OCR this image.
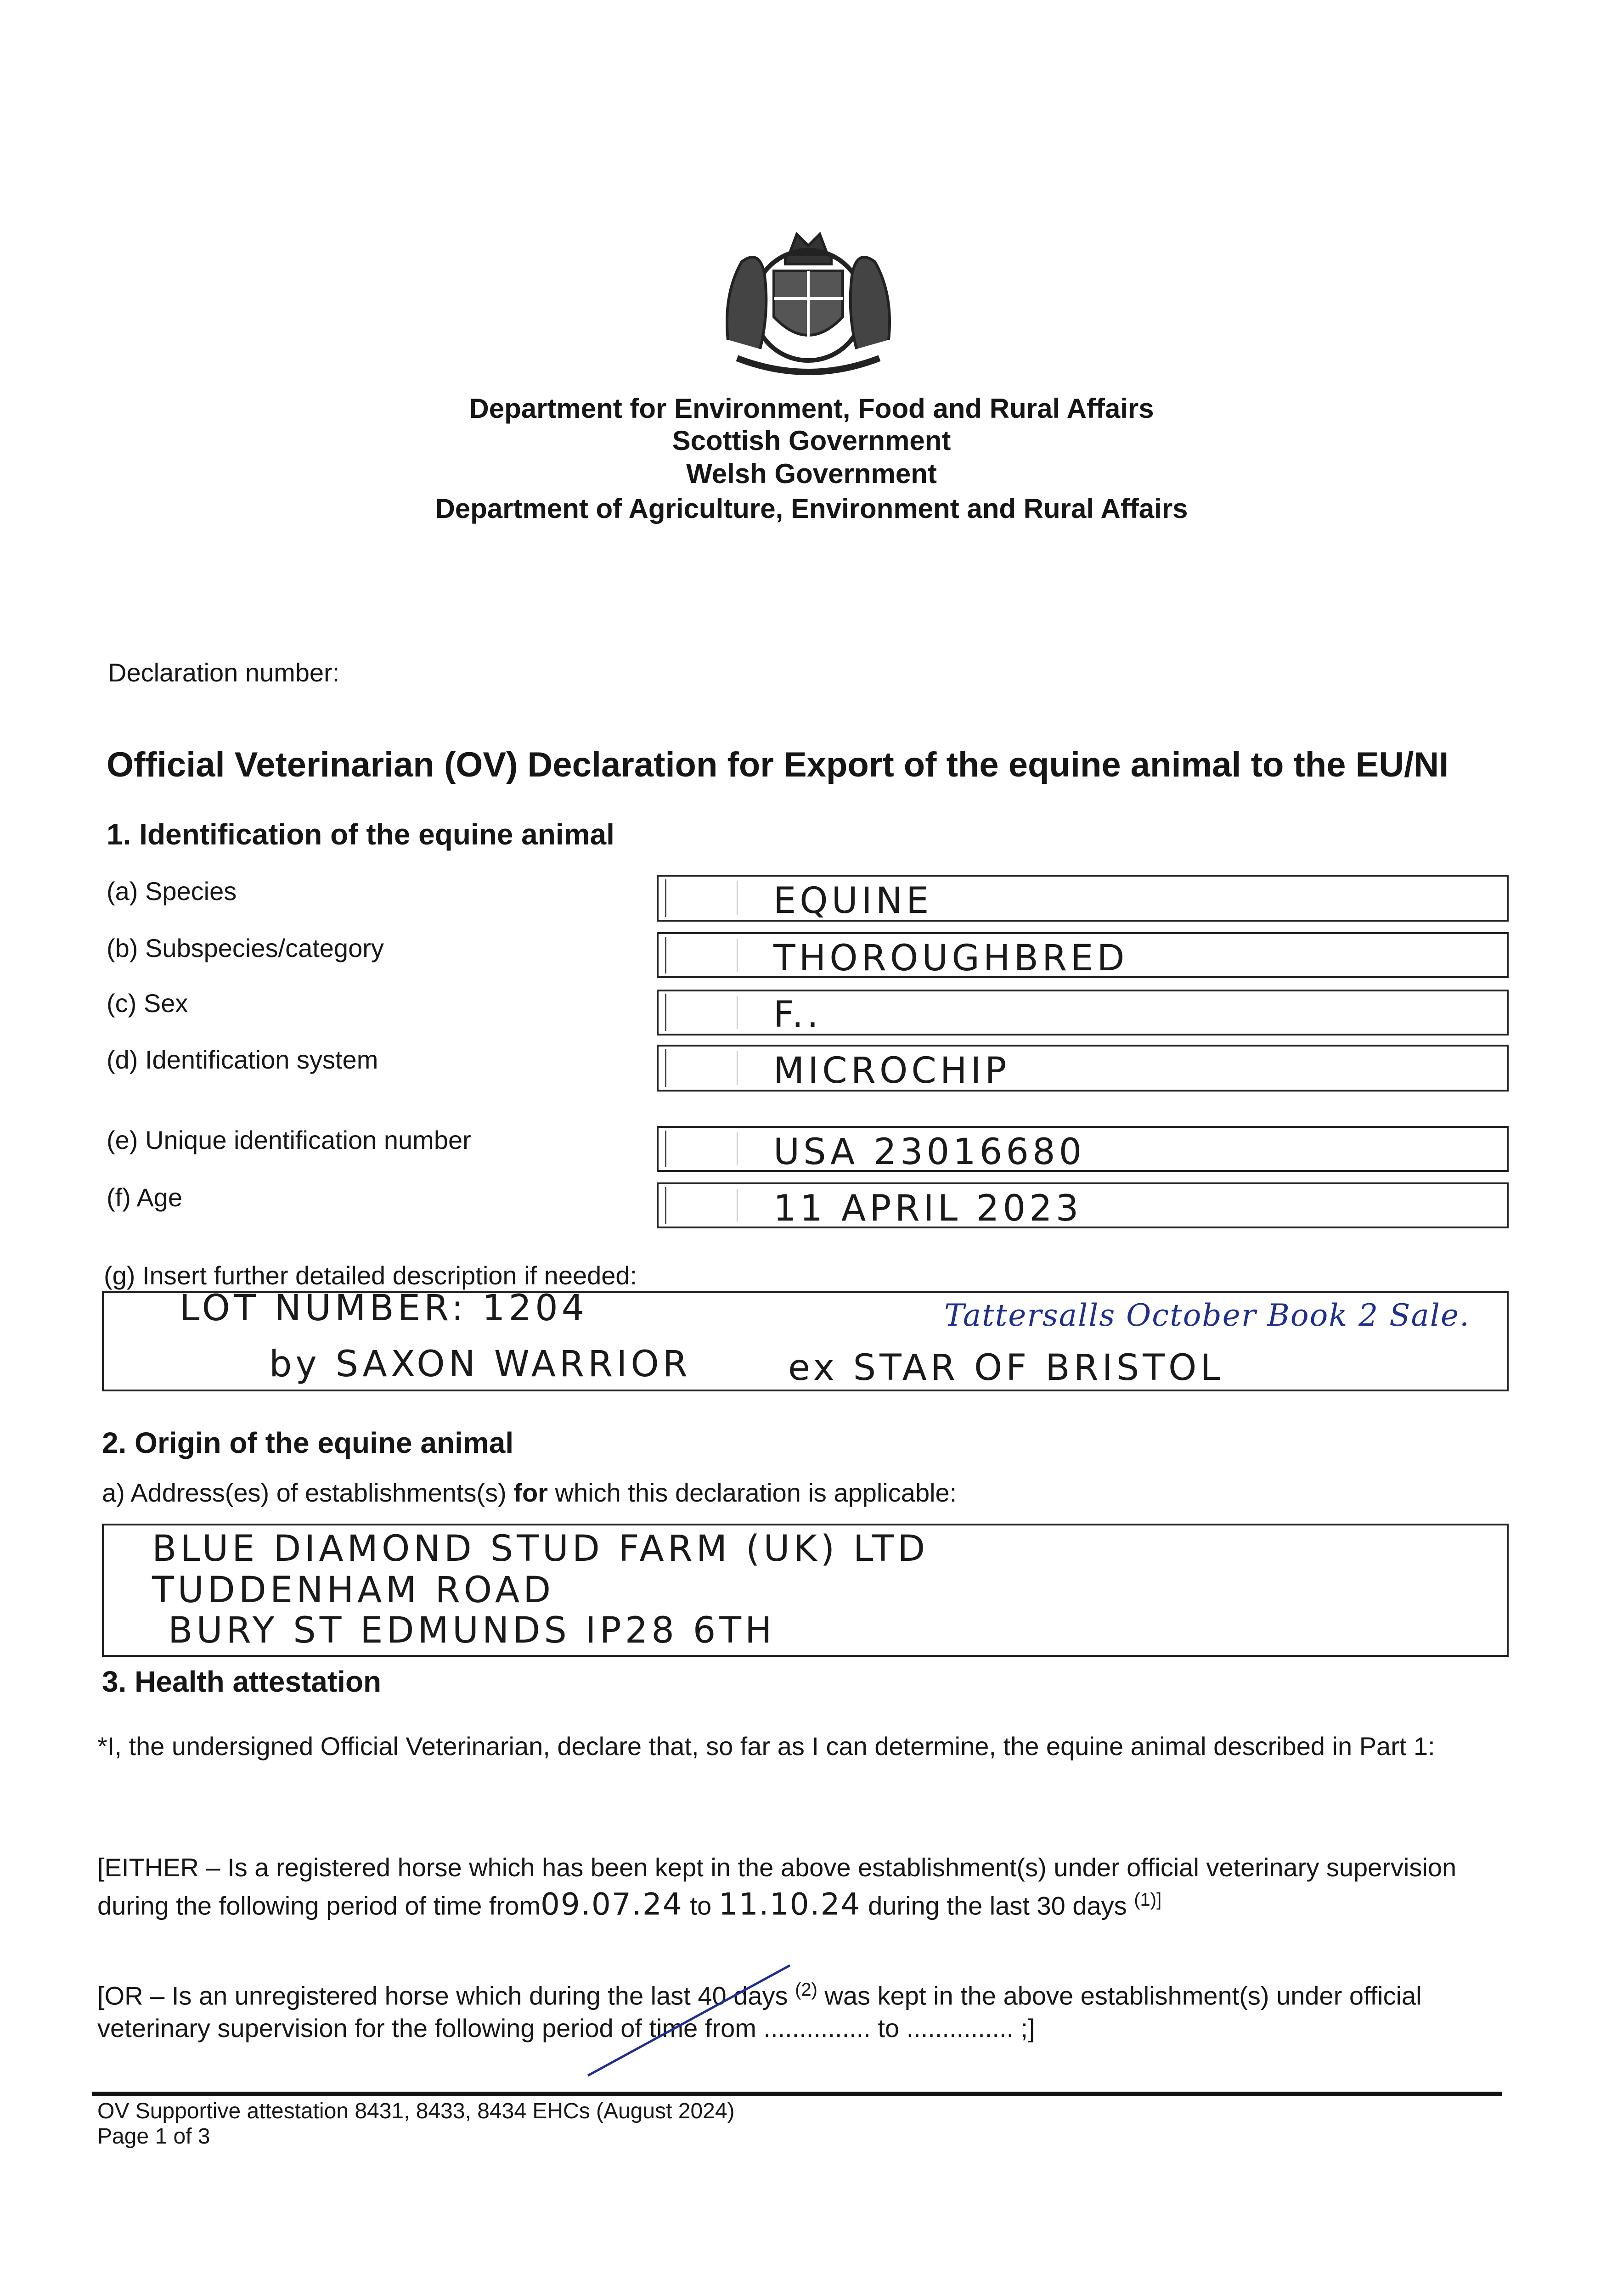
Department for Environment, Food and Rural Affairs
Scottish Government
Welsh Government
Department of Agriculture, Environment and Rural Affairs
Declaration number:
Official Veterinarian (OV) Declaration for Export of the equine animal to the EU/NI
1. Identification of the equine animal
(a) Species	EQUINE
(b) Subspecies/category	THOROUGHBRED
(c) Sex	F..
(d) Identification system	MICROCHIP
(e) Unique identification number	USA 23016680
(f) Age	11 APRIL 2023
(g) Insert further detailed description if needed:
LOT NUMBER: 1204	Tattersalls October Book 2 Sale.
by SAXON WARRIOR	ex STAR OF BRISTOL
2. Origin of the equine animal
a) Address(es) of establishments(s) for which this declaration is applicable:
BLUE DIAMOND STUD FARM (UK) LTD
TUDDENHAM ROAD
BURY ST EDMUNDS IP28 6TH
3. Health attestation
*I, the undersigned Official Veterinarian, declare that, so far as I can determine, the equine animal described in Part 1:
[EITHER – Is a registered horse which has been kept in the above establishment(s) under official veterinary supervision during the following period of time from09.07.24 to 11.10.24 during the last 30 days $^{(1)]}$
[OR – Is an unregistered horse which during the last 40 days $^{(2)}$ was kept in the above establishment(s) under official veterinary supervision for the following period of time from ............... to ............... ;]
OV Supportive attestation 8431, 8433, 8434 EHCs (August 2024)
Page 1 of 3
